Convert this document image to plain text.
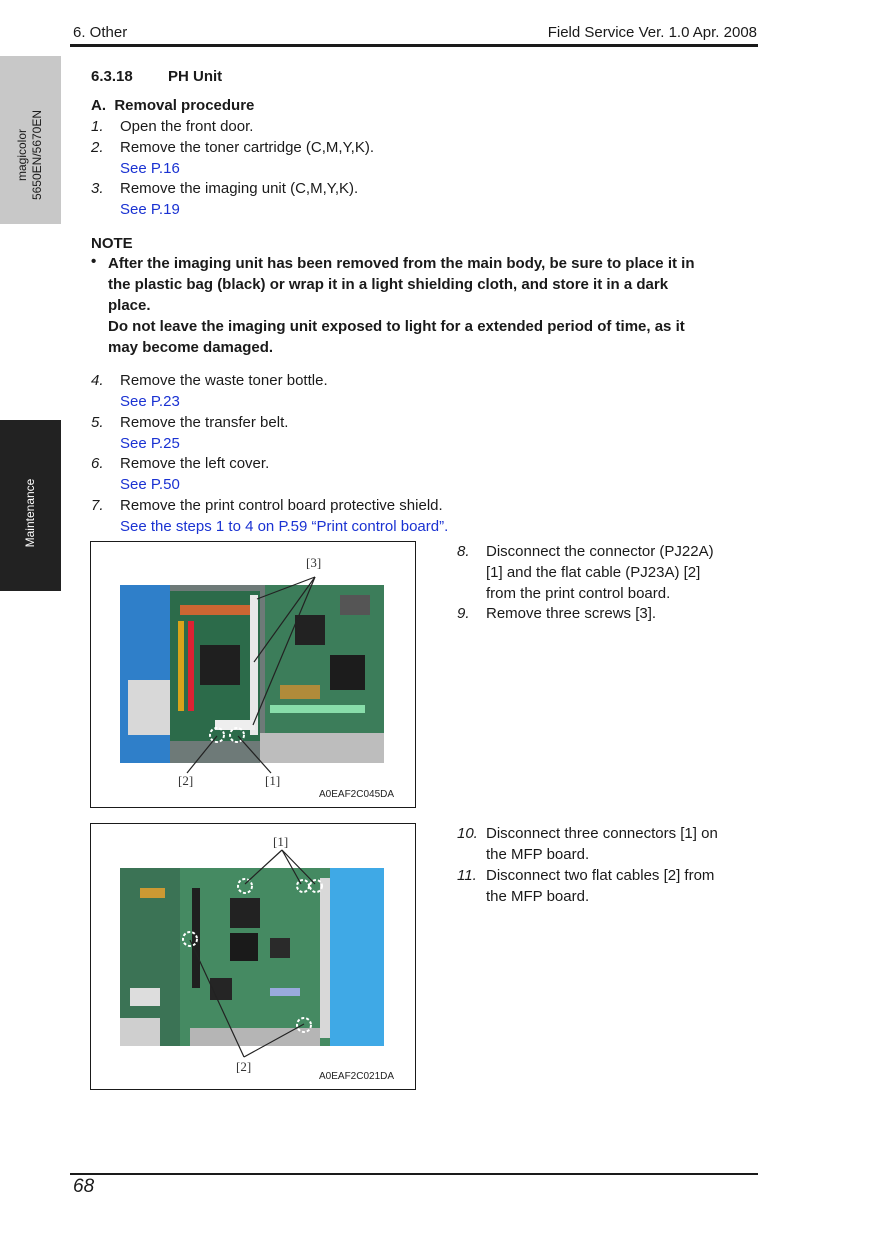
6. Other	Field Service Ver. 1.0 Apr. 2008
magicolor 5650EN/5670EN
Maintenance
6.3.18 PH Unit
A.  Removal procedure
1. Open the front door.
2. Remove the toner cartridge (C,M,Y,K).
See P.16
3. Remove the imaging unit (C,M,Y,K).
See P.19
NOTE
• After the imaging unit has been removed from the main body, be sure to place it in
the plastic bag (black) or wrap it in a light shielding cloth, and store it in a dark
place.
Do not leave the imaging unit exposed to light for a extended period of time, as it
may become damaged.
4. Remove the waste toner bottle.
See P.23
5. Remove the transfer belt.
See P.25
6. Remove the left cover.
See P.50
7. Remove the print control board protective shield.
See the steps 1 to 4 on P.59 “Print control board”.
[3]
[2]	[1]
A0EAF2C045DA
8. Disconnect the connector (PJ22A)
[1] and the flat cable (PJ23A) [2]
from the print control board.
9. Remove three screws [3].
[1]
[2]
A0EAF2C021DA
10. Disconnect three connectors [1] on
the MFP board.
11. Disconnect two flat cables [2] from
the MFP board.
68
